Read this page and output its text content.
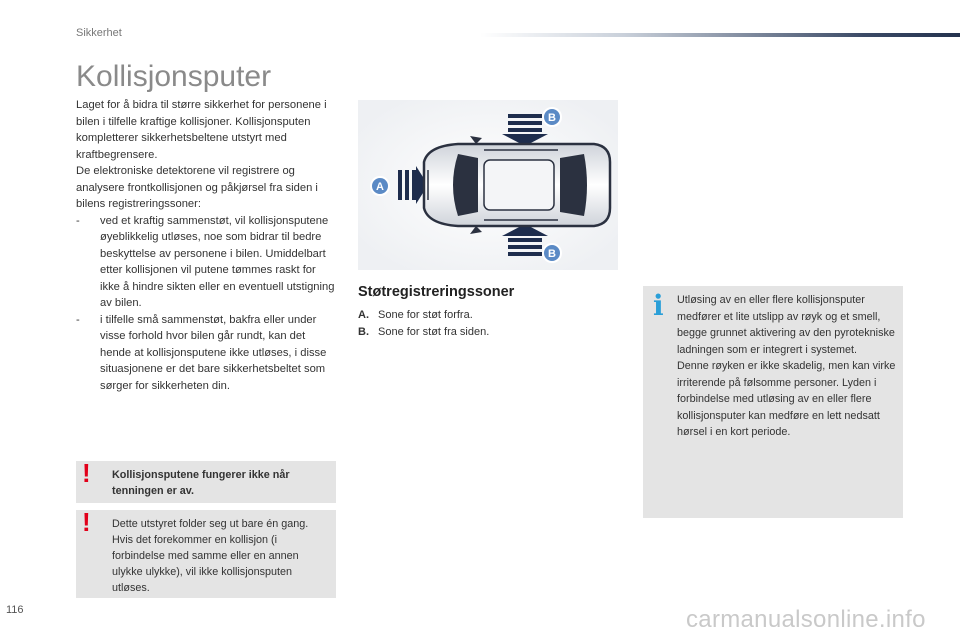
Sikkerhet
Kollisjonsputer

Laget for å bidra til større sikkerhet for personene i bilen i tilfelle kraftige kollisjoner. Kollisjonsputen kompletterer sikkerhetsbeltene utstyrt med kraftbegrensere.

De elektroniske detektorene vil registrere og analysere frontkollisjonen og påkjørsel fra siden i bilens registreringssoner:

- ved et kraftig sammenstøt, vil kollisjonsputene øyeblikkelig utløses, noe som bidrar til bedre beskyttelse av personene i bilen. Umiddelbart etter kollisjonen vil putene tømmes raskt for ikke å hindre sikten eller en eventuell utstigning av bilen.
- i tilfelle små sammenstøt, bakfra eller under visse forhold hvor bilen går rundt, kan det hende at kollisjonsputene ikke utløses, i disse situasjonene er det bare sikkerhetsbeltet som sørger for sikkerheten din.
!	Kollisjonsputene fungerer ikke når tenningen er av.
!	Dette utstyret folder seg ut bare én gang. Hvis det forekommer en kollisjon (i forbindelse med samme eller en annen ulykke ulykke), vil ikke kollisjonsputen utløses.
A
B
B
Støtregistreringssoner
A. Sone for støt forfra.
B. Sone for støt fra siden.
i Utløsing av en eller flere kollisjonsputer medfører et lite utslipp av røyk og et smell, begge grunnet aktivering av den pyrotekniske ladningen som er integrert i systemet.

Denne røyken er ikke skadelig, men kan virke irriterende på følsomme personer. Lyden i forbindelse med utløsing av en eller flere kollisjonsputer kan medføre en lett nedsatt hørsel i en kort periode.

116	carmanualsonline.info
